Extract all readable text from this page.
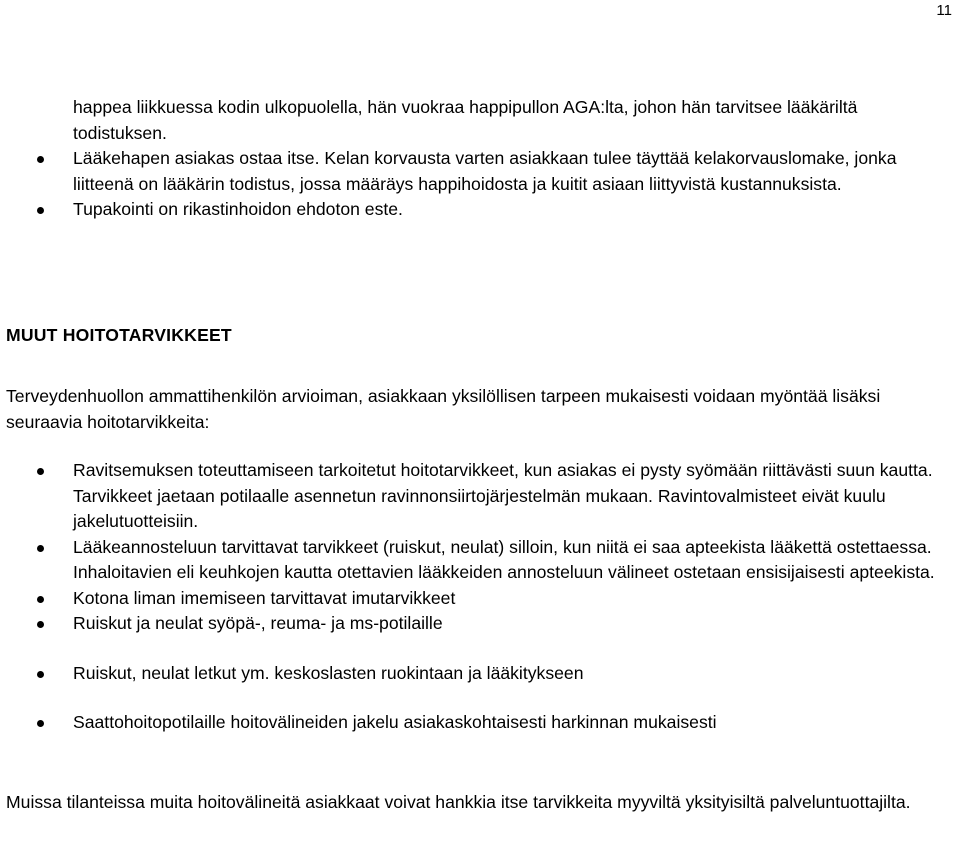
11
happea liikkuessa kodin ulkopuolella, hän vuokraa happipullon AGA:lta, johon hän tarvitsee lääkäriltä todistuksen.
Lääkehapen asiakas ostaa itse. Kelan korvausta varten asiakkaan tulee täyttää kelakorvauslomake, jonka liitteenä on lääkärin todistus, jossa määräys happihoidosta ja kuitit asiaan liittyvistä kustannuksista.
Tupakointi on rikastinhoidon ehdoton este.
MUUT HOITOTARVIKKEET
Terveydenhuollon ammattihenkilön arvioiman, asiakkaan yksilöllisen tarpeen mukaisesti voidaan myöntää lisäksi seuraavia hoitotarvikkeita:
Ravitsemuksen toteuttamiseen tarkoitetut hoitotarvikkeet, kun asiakas ei pysty syömään riittävästi suun kautta. Tarvikkeet jaetaan potilaalle asennetun ravinnonsiirtojärjestelmän mukaan. Ravintovalmisteet eivät kuulu jakelutuotteisiin.
Lääkeannosteluun tarvittavat tarvikkeet (ruiskut, neulat) silloin, kun niitä ei saa apteekista lääkettä ostettaessa. Inhaloitavien eli keuhkojen kautta otettavien lääkkeiden annosteluun välineet ostetaan ensisijaisesti apteekista.
Kotona liman imemiseen tarvittavat imutarvikkeet
Ruiskut ja neulat syöpä-, reuma- ja ms-potilaille
Ruiskut, neulat letkut ym. keskoslasten ruokintaan ja lääkitykseen
Saattohoitopotilaille hoitovälineiden jakelu asiakaskohtaisesti harkinnan mukaisesti
Muissa tilanteissa muita hoitovälineitä asiakkaat voivat hankkia itse tarvikkeita myyviltä yksityisiltä palveluntuottajilta.
